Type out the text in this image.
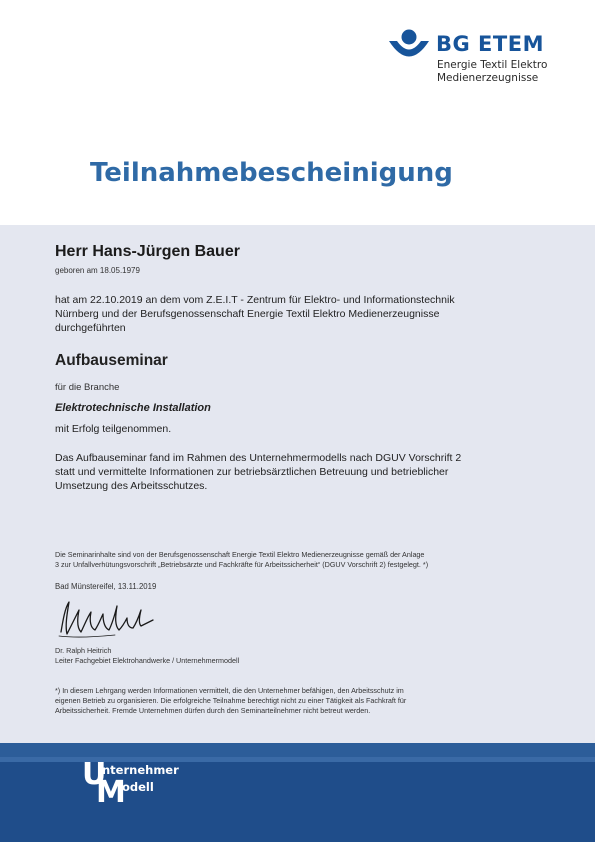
BG ETEM
Energie Textil Elektro
Medienerzeugnisse
Teilnahmebescheinigung
Herr Hans-Jürgen Bauer
geboren am 18.05.1979
hat am 22.10.2019 an dem vom Z.E.I.T - Zentrum für Elektro- und Informationstechnik
Nürnberg und der Berufsgenossenschaft Energie Textil Elektro Medienerzeugnisse
durchgeführten
Aufbauseminar
für die Branche
Elektrotechnische Installation
mit Erfolg teilgenommen.
Das Aufbauseminar fand im Rahmen des Unternehmermodells nach DGUV Vorschrift 2
statt und vermittelte Informationen zur betriebsärztlichen Betreuung und betrieblicher
Umsetzung des Arbeitsschutzes.
Die Seminarinhalte sind von der Berufsgenossenschaft Energie Textil Elektro Medienerzeugnisse gemäß der Anlage
3 zur Unfallverhütungsvorschrift „Betriebsärzte und Fachkräfte für Arbeitssicherheit“ (DGUV Vorschrift 2) festgelegt. *)
Bad Münstereifel, 13.11.2019
Dr. Ralph Heitrich
Leiter Fachgebiet Elektrohandwerke / Unternehmermodell
*) In diesem Lehrgang werden Informationen vermittelt, die den Unternehmer befähigen, den Arbeitsschutz im
eigenen Betrieb zu organisieren. Die erfolgreiche Teilnahme berechtigt nicht zu einer Tätigkeit als Fachkraft für
Arbeitssicherheit. Fremde Unternehmen dürfen durch den Seminarteilnehmer nicht betreut werden.
U
nternehmer
M
odell
